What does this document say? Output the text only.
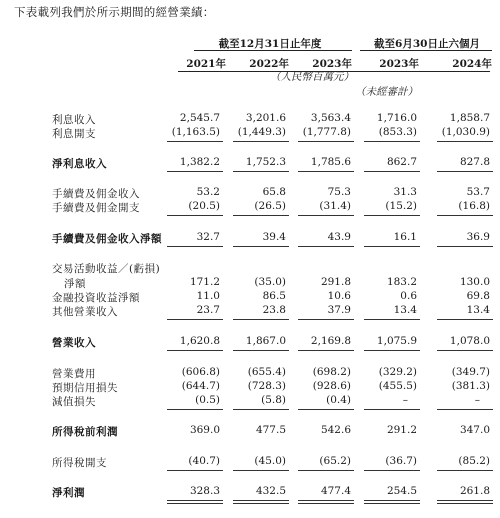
下表載列我們於所示期間的經營業績：
截至12月31日止年度	截至6月30日止六個月
2021年	2022年	2023年	2023年	2024年
（人民幣百萬元）
（未經審計）
利息收入	2,545.7	3,201.6	3,563.4	1,716.0	1,858.7
利息開支	(1,163.5)	(1,449.3)	(1,777.8)	(853.3)	(1,030.9)
淨利息收入	1,382.2	1,752.3	1,785.6	862.7	827.8
手續費及佣金收入	53.2	65.8	75.3	31.3	53.7
手續費及佣金開支	(20.5)	(26.5)	(31.4)	(15.2)	(16.8)
手續費及佣金收入淨額	32.7	39.4	43.9	16.1	36.9
交易活動收益／(虧損)
淨額	171.2	(35.0)	291.8	183.2	130.0
金融投資收益淨額	11.0	86.5	10.6	0.6	69.8
其他營業收入	23.7	23.8	37.9	13.4	13.4
營業收入	1,620.8	1,867.0	2,169.8	1,075.9	1,078.0
營業費用	(606.8)	(655.4)	(698.2)	(329.2)	(349.7)
預期信用損失	(644.7)	(728.3)	(928.6)	(455.5)	(381.3)
減值損失	(0.5)	(5.8)	(0.4)	–	–
所得稅前利潤	369.0	477.5	542.6	291.2	347.0
所得稅開支	(40.7)	(45.0)	(65.2)	(36.7)	(85.2)
淨利潤	328.3	432.5	477.4	254.5	261.8
